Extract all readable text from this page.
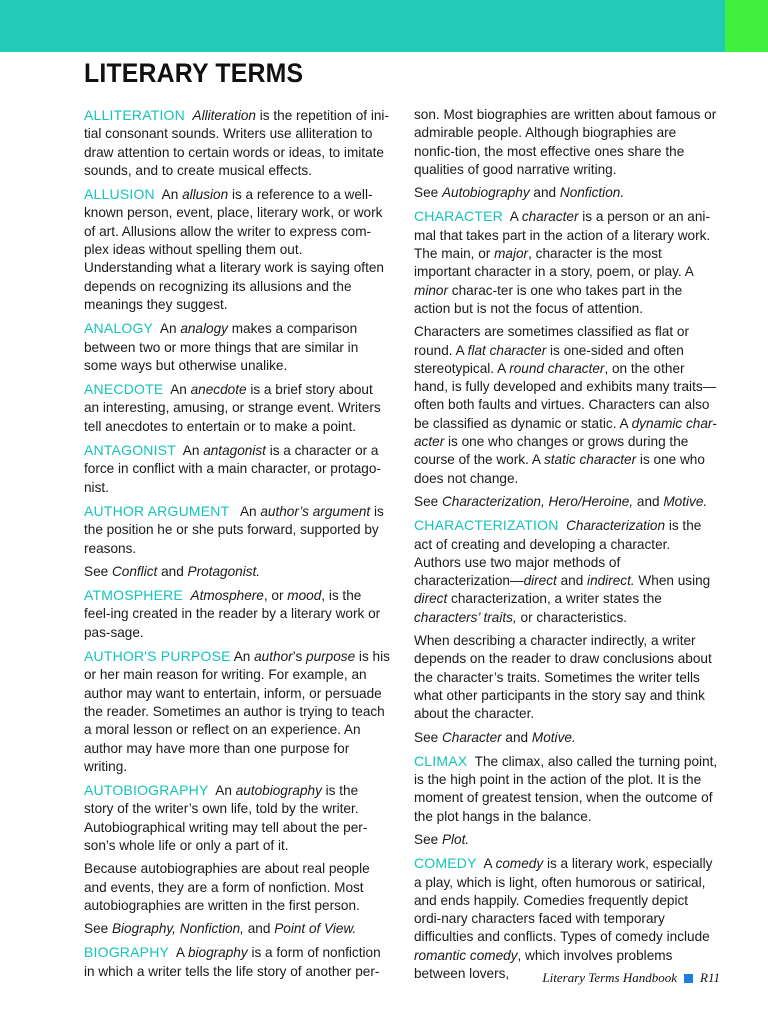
LITERARY TERMS

ALLITERATION Alliteration is the repetition of ini-tial consonant sounds. Writers use alliteration to draw attention to certain words or ideas, to imitate sounds, and to create musical effects.

ALLUSION An allusion is a reference to a well-known person, event, place, literary work, or work of art. Allusions allow the writer to express com-plex ideas without spelling them out. Understanding what a literary work is saying often depends on recognizing its allusions and the meanings they suggest.

ANALOGY An analogy makes a comparison between two or more things that are similar in some ways but otherwise unalike.

ANECDOTE An anecdote is a brief story about an interesting, amusing, or strange event. Writers tell anecdotes to entertain or to make a point.

ANTAGONIST An antagonist is a character or a force in conflict with a main character, or protago-nist.

AUTHOR ARGUMENT An author’s argument is the position he or she puts forward, supported by reasons.

See Conflict and Protagonist.

ATMOSPHERE Atmosphere, or mood, is the feel-ing created in the reader by a literary work or pas-sage.

AUTHOR'S PURPOSE An author’s purpose is his or her main reason for writing. For example, an author may want to entertain, inform, or persuade the reader. Sometimes an author is trying to teach a moral lesson or reflect on an experience. An author may have more than one purpose for writing.

AUTOBIOGRAPHY An autobiography is the story of the writer’s own life, told by the writer. Autobiographical writing may tell about the per-son’s whole life or only a part of it.

Because autobiographies are about real people and events, they are a form of nonfiction. Most autobiographies are written in the first person.

See Biography, Nonfiction, and Point of View.

BIOGRAPHY A biography is a form of nonfiction in which a writer tells the life story of another per-

son. Most biographies are written about famous or admirable people. Although biographies are nonfic-tion, the most effective ones share the qualities of good narrative writing.

See Autobiography and Nonfiction.

CHARACTER A character is a person or an ani-mal that takes part in the action of a literary work. The main, or major, character is the most important character in a story, poem, or play. A minor charac-ter is one who takes part in the action but is not the focus of attention.

Characters are sometimes classified as flat or round. A flat character is one-sided and often stereotypical. A round character, on the other hand, is fully developed and exhibits many traits—often both faults and virtues. Characters can also be classified as dynamic or static. A dynamic char-acter is one who changes or grows during the course of the work. A static character is one who does not change.

See Characterization, Hero/Heroine, and Motive.

CHARACTERIZATION Characterization is the act of creating and developing a character. Authors use two major methods of characterization—direct and indirect. When using direct characterization, a writer states the characters’ traits, or characteristics.

When describing a character indirectly, a writer depends on the reader to draw conclusions about the character’s traits. Sometimes the writer tells what other participants in the story say and think about the character.

See Character and Motive.

CLIMAX The climax, also called the turning point, is the high point in the action of the plot. It is the moment of greatest tension, when the outcome of the plot hangs in the balance.

See Plot.

COMEDY A comedy is a literary work, especially a play, which is light, often humorous or satirical, and ends happily. Comedies frequently depict ordi-nary characters faced with temporary difficulties and conflicts. Types of comedy include romantic comedy, which involves problems between lovers,	Literary Terms Handbook R11
